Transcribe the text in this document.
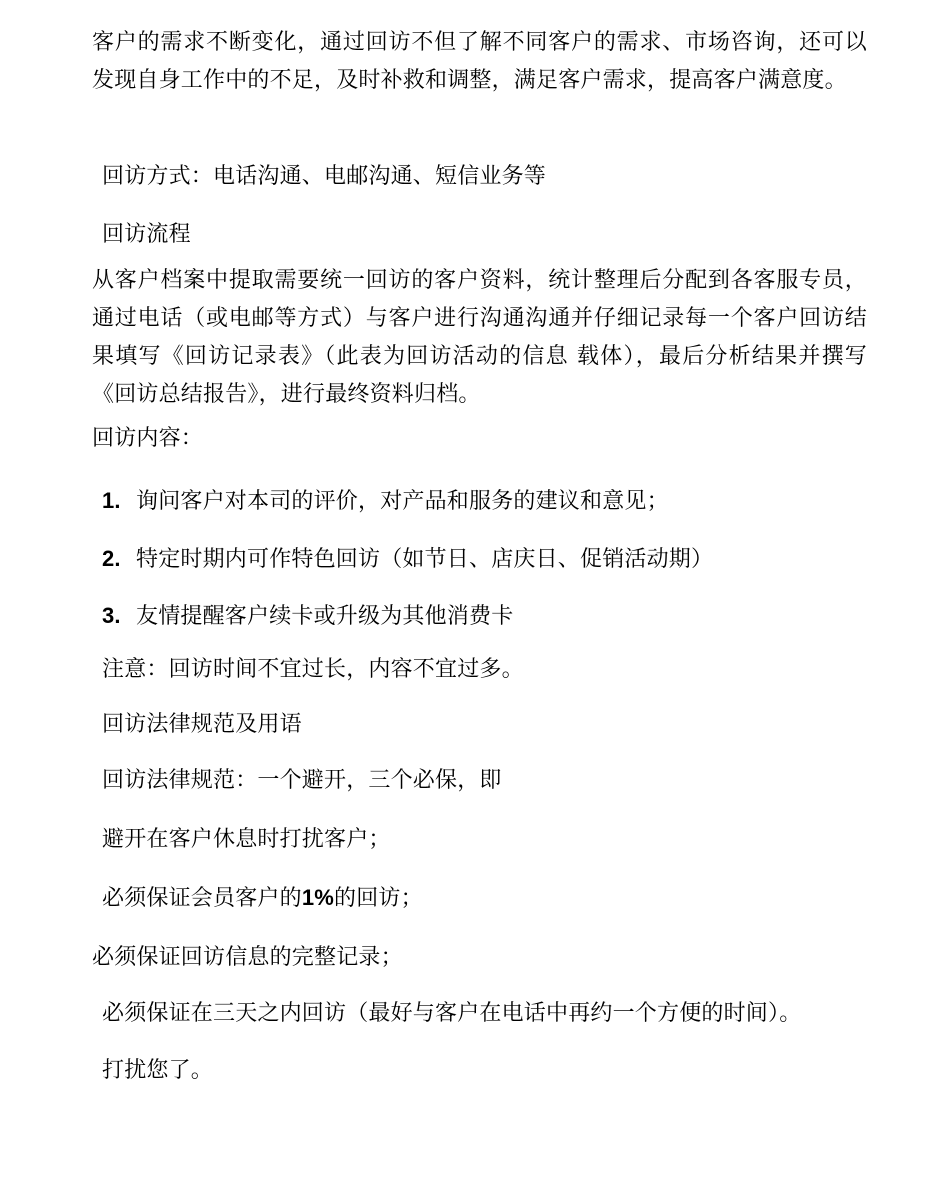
客户的需求不断变化，通过回访不但了解不同客户的需求、市场咨询，还可以发现自身工作中的不足，及时补救和调整，满足客户需求，提高客户满意度。

回访方式：电话沟通、电邮沟通、短信业务等

回访流程

从客户档案中提取需要统一回访的客户资料，统计整理后分配到各客服专员，通过电话（或电邮等方式）与客户进行沟通沟通并仔细记录每一个客户回访结果填写《回访记录表》（此表为回访活动的信息 载体），最后分析结果并撰写《回访总结报告》，进行最终资料归档。

回访内容：

1. 询问客户对本司的评价，对产品和服务的建议和意见；

2. 特定时期内可作特色回访（如节日、店庆日、促销活动期）

3. 友情提醒客户续卡或升级为其他消费卡

注意：回访时间不宜过长，内容不宜过多。

回访法律规范及用语

回访法律规范：一个避开，三个必保，即

避开在客户休息时打扰客户；

必须保证会员客户的1%的回访；

必须保证回访信息的完整记录；

必须保证在三天之内回访（最好与客户在电话中再约一个方便的时间）。

打扰您了。
